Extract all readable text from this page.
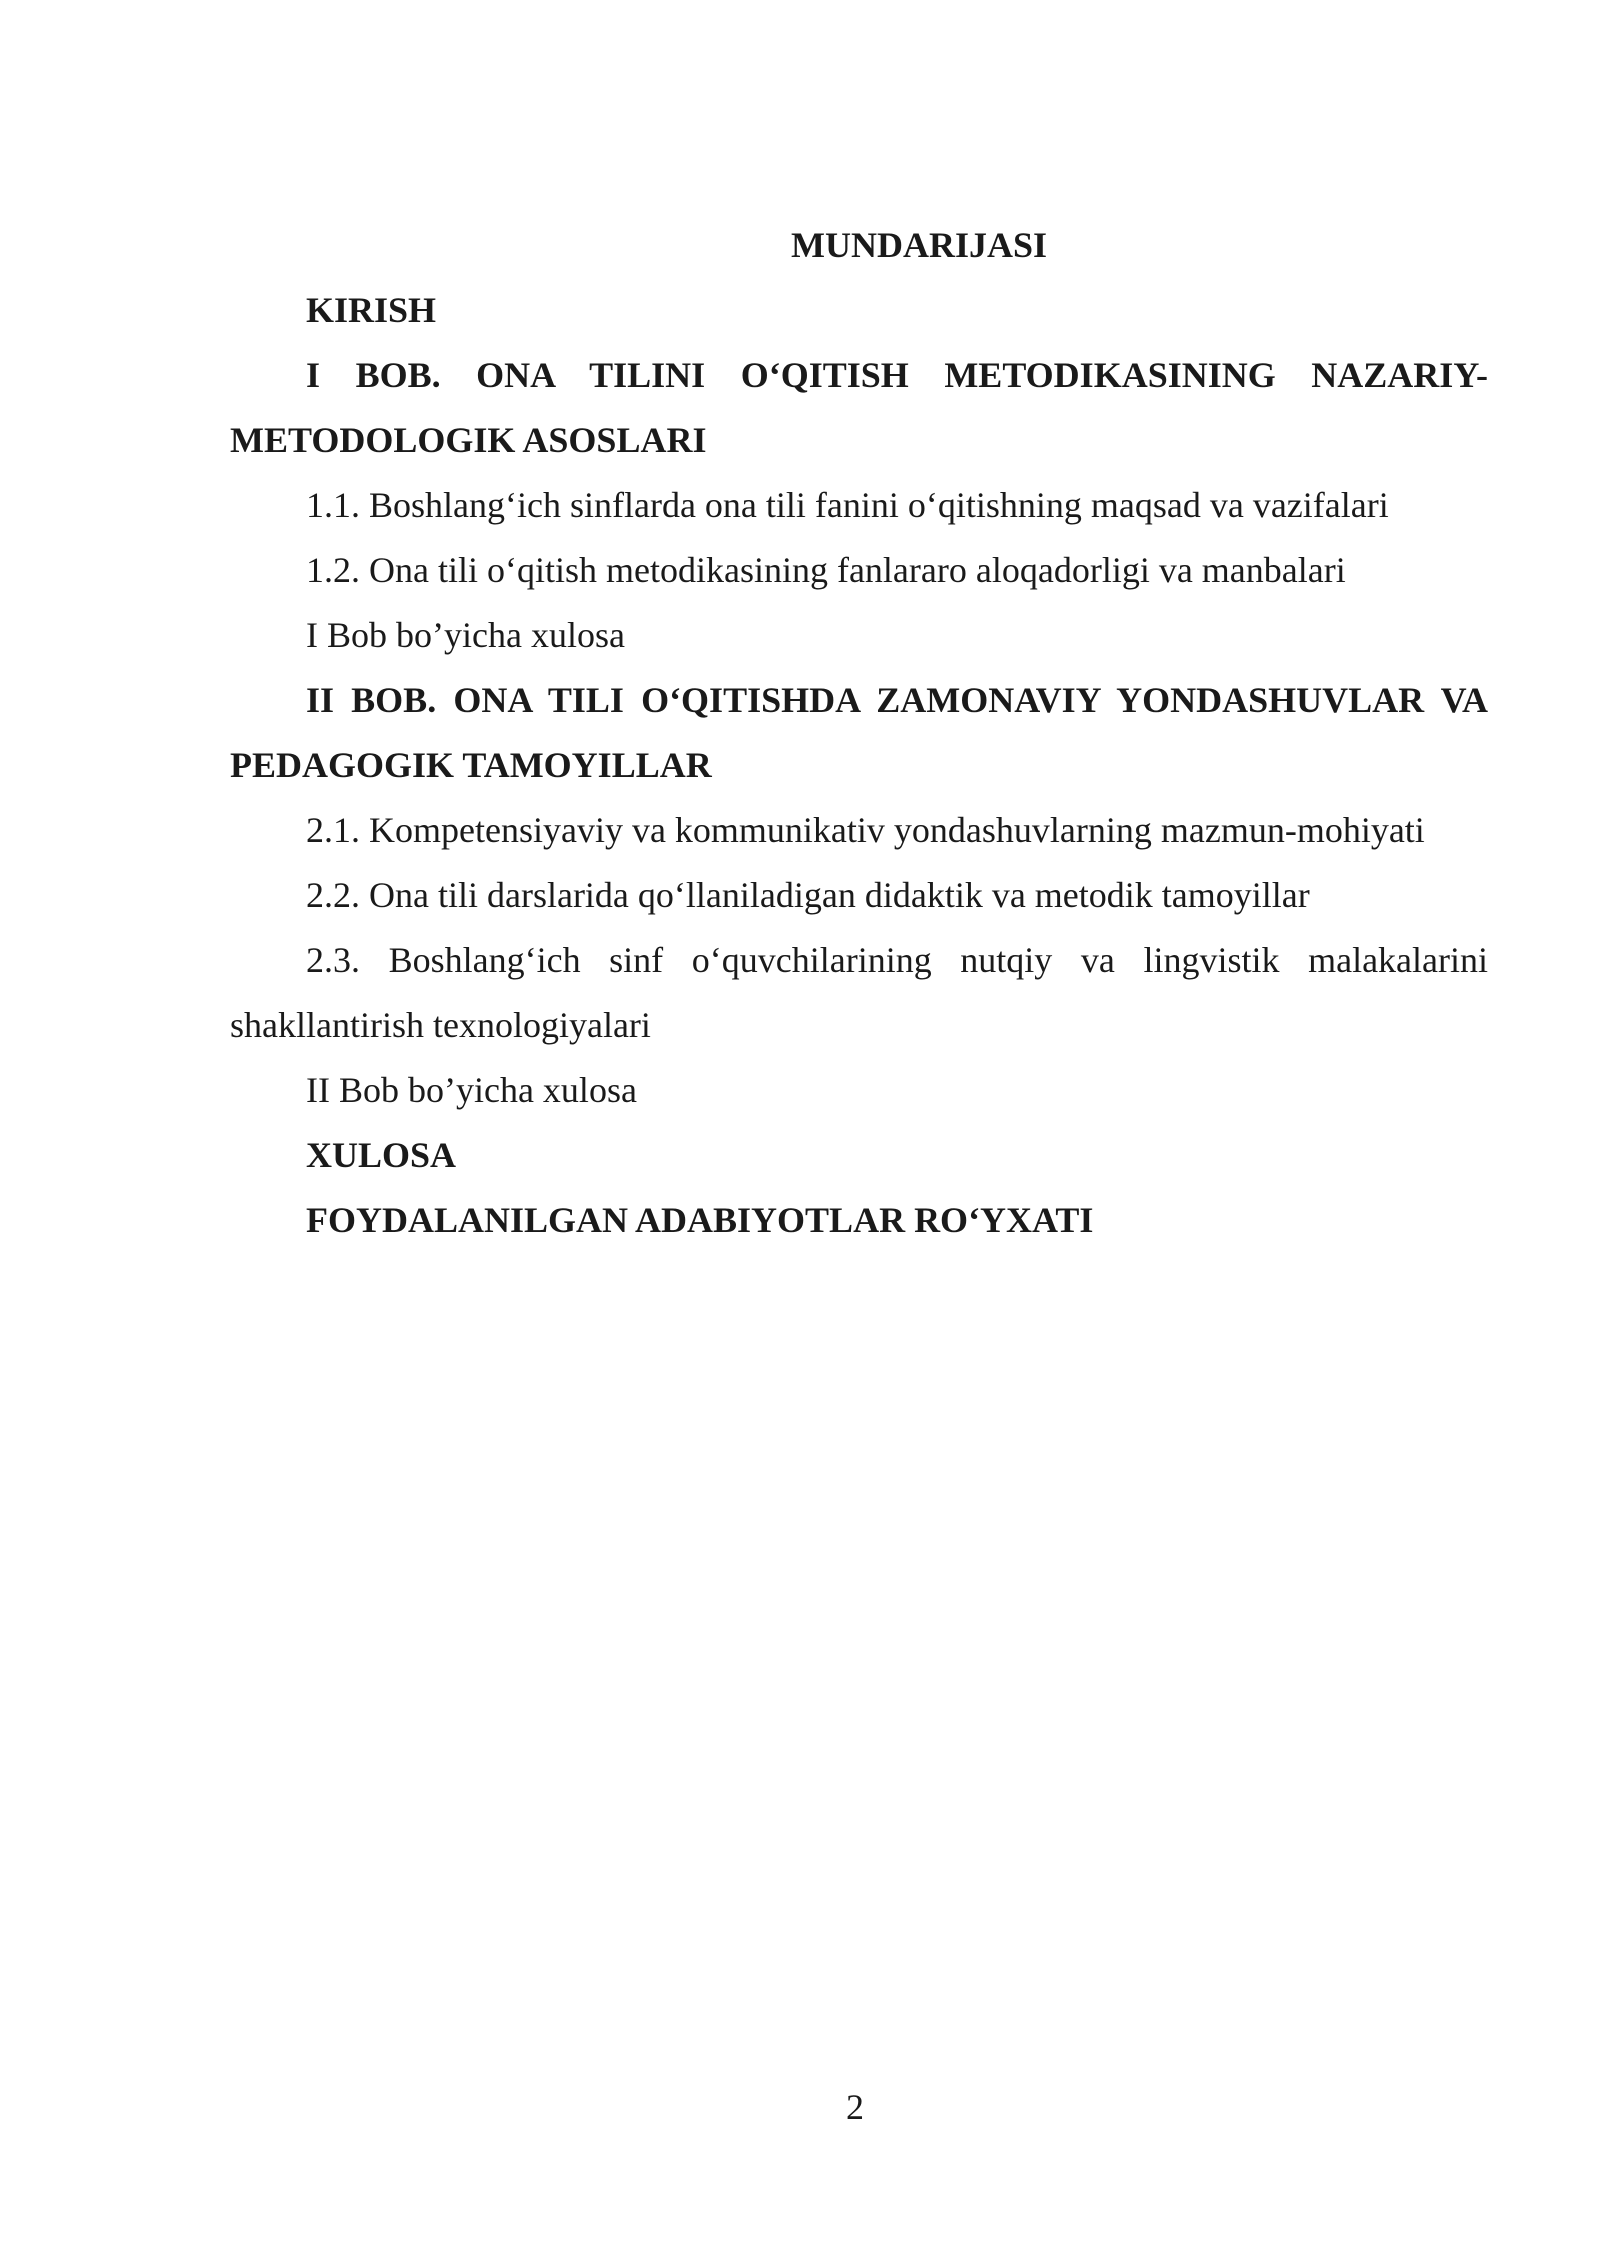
MUNDARIJASI

KIRISH

I BOB. ONA TILINI O‘QITISH METODIKASINING NAZARIY-METODOLOGIK ASOSLARI

1.1. Boshlang‘ich sinflarda ona tili fanini o‘qitishning maqsad va vazifalari

1.2. Ona tili o‘qitish metodikasining fanlararo aloqadorligi va manbalari

I Bob bo’yicha xulosa

II BOB. ONA TILI O‘QITISHDA ZAMONAVIY YONDASHUVLAR VA PEDAGOGIK TAMOYILLAR

2.1. Kompetensiyaviy va kommunikativ yondashuvlarning mazmun-mohiyati

2.2. Ona tili darslarida qo‘llaniladigan didaktik va metodik tamoyillar

2.3. Boshlang‘ich sinf o‘quvchilarining nutqiy va lingvistik malakalarini shakllantirish texnologiyalari

II Bob bo’yicha xulosa

XULOSA

FOYDALANILGAN ADABIYOTLAR RO‘YXATI

2
